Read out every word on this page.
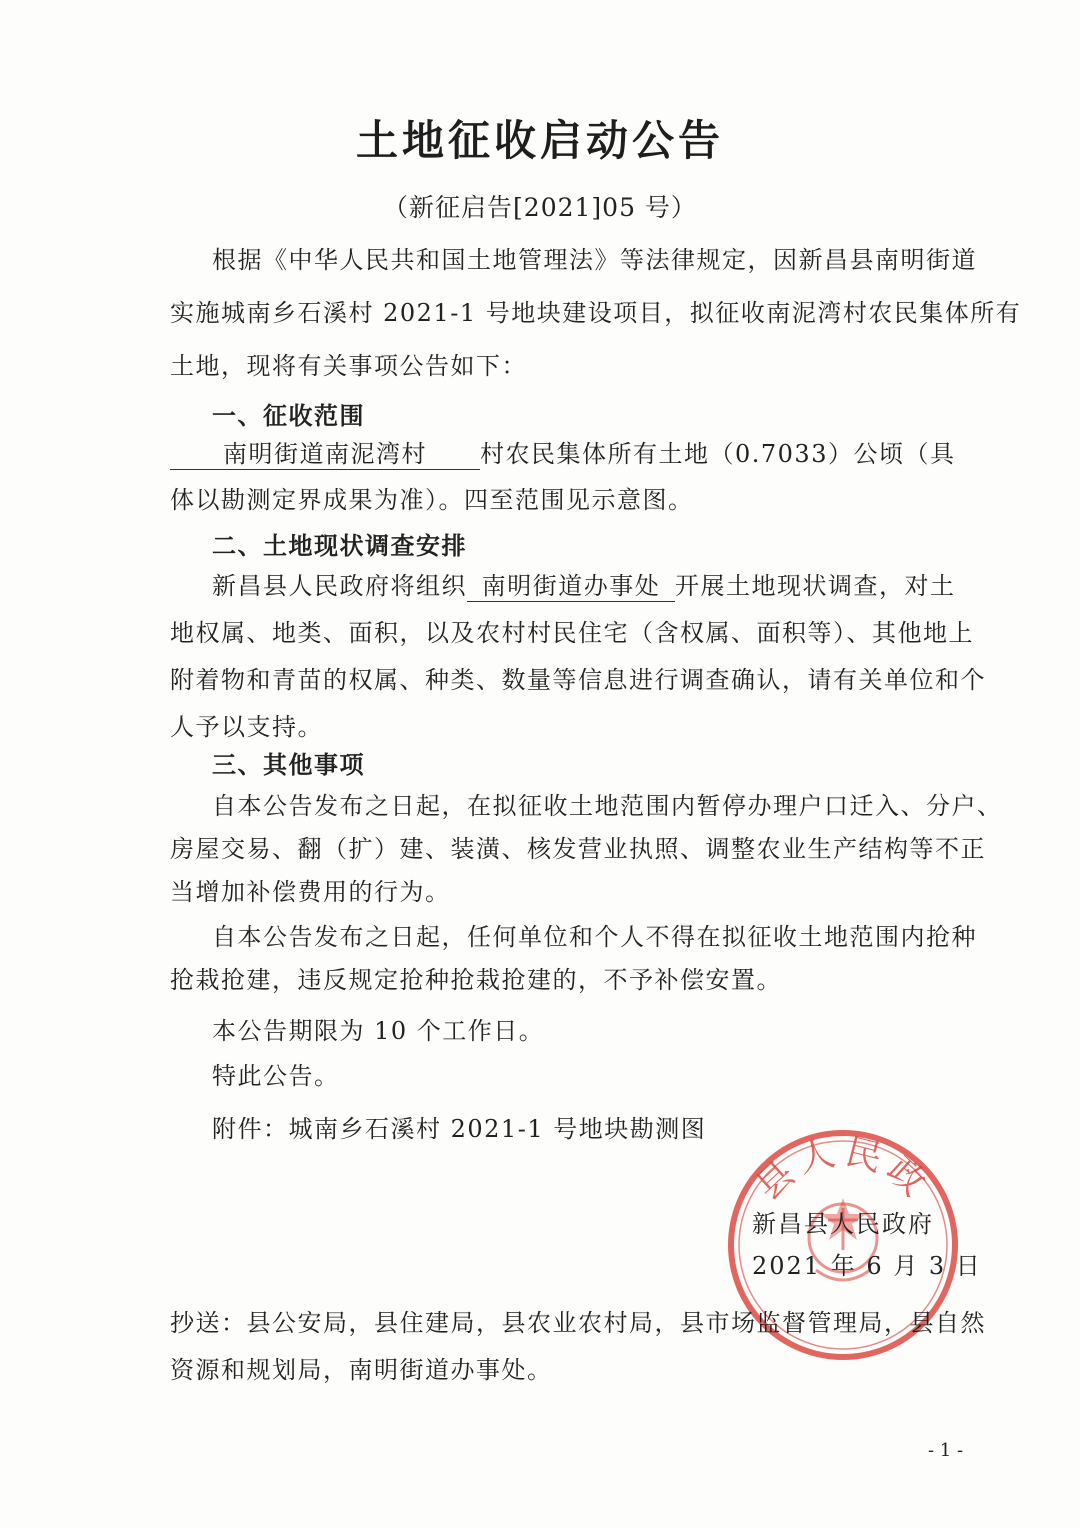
土地征收启动公告
（新征启告[2021]05 号）
根据《中华人民共和国土地管理法》等法律规定，因新昌县南明街道
实施城南乡石溪村 2021-1 号地块建设项目，拟征收南泥湾村农民集体所有
土地，现将有关事项公告如下：
一、征收范围
南明街道南泥湾村 村农民集体所有土地（0.7033）公顷（具
体以勘测定界成果为准）。四至范围见示意图。
二、土地现状调查安排
新昌县人民政府将组织 南明街道办事处 开展土地现状调查，对土
地权属、地类、面积，以及农村村民住宅（含权属、面积等）、其他地上
附着物和青苗的权属、种类、数量等信息进行调查确认，请有关单位和个
人予以支持。
三、其他事项
自本公告发布之日起，在拟征收土地范围内暂停办理户口迁入、分户、
房屋交易、翻（扩）建、装潢、核发营业执照、调整农业生产结构等不正
当增加补偿费用的行为。
自本公告发布之日起，任何单位和个人不得在拟征收土地范围内抢种
抢栽抢建，违反规定抢种抢栽抢建的，不予补偿安置。
本公告期限为 10 个工作日。
特此公告。
附件：城南乡石溪村 2021-1 号地块勘测图
县人民政
新昌县人民政府
2021 年 6 月 3 日
抄送：县公安局，县住建局，县农业农村局，县市场监督管理局，县自然
资源和规划局，南明街道办事处。
- 1 -
